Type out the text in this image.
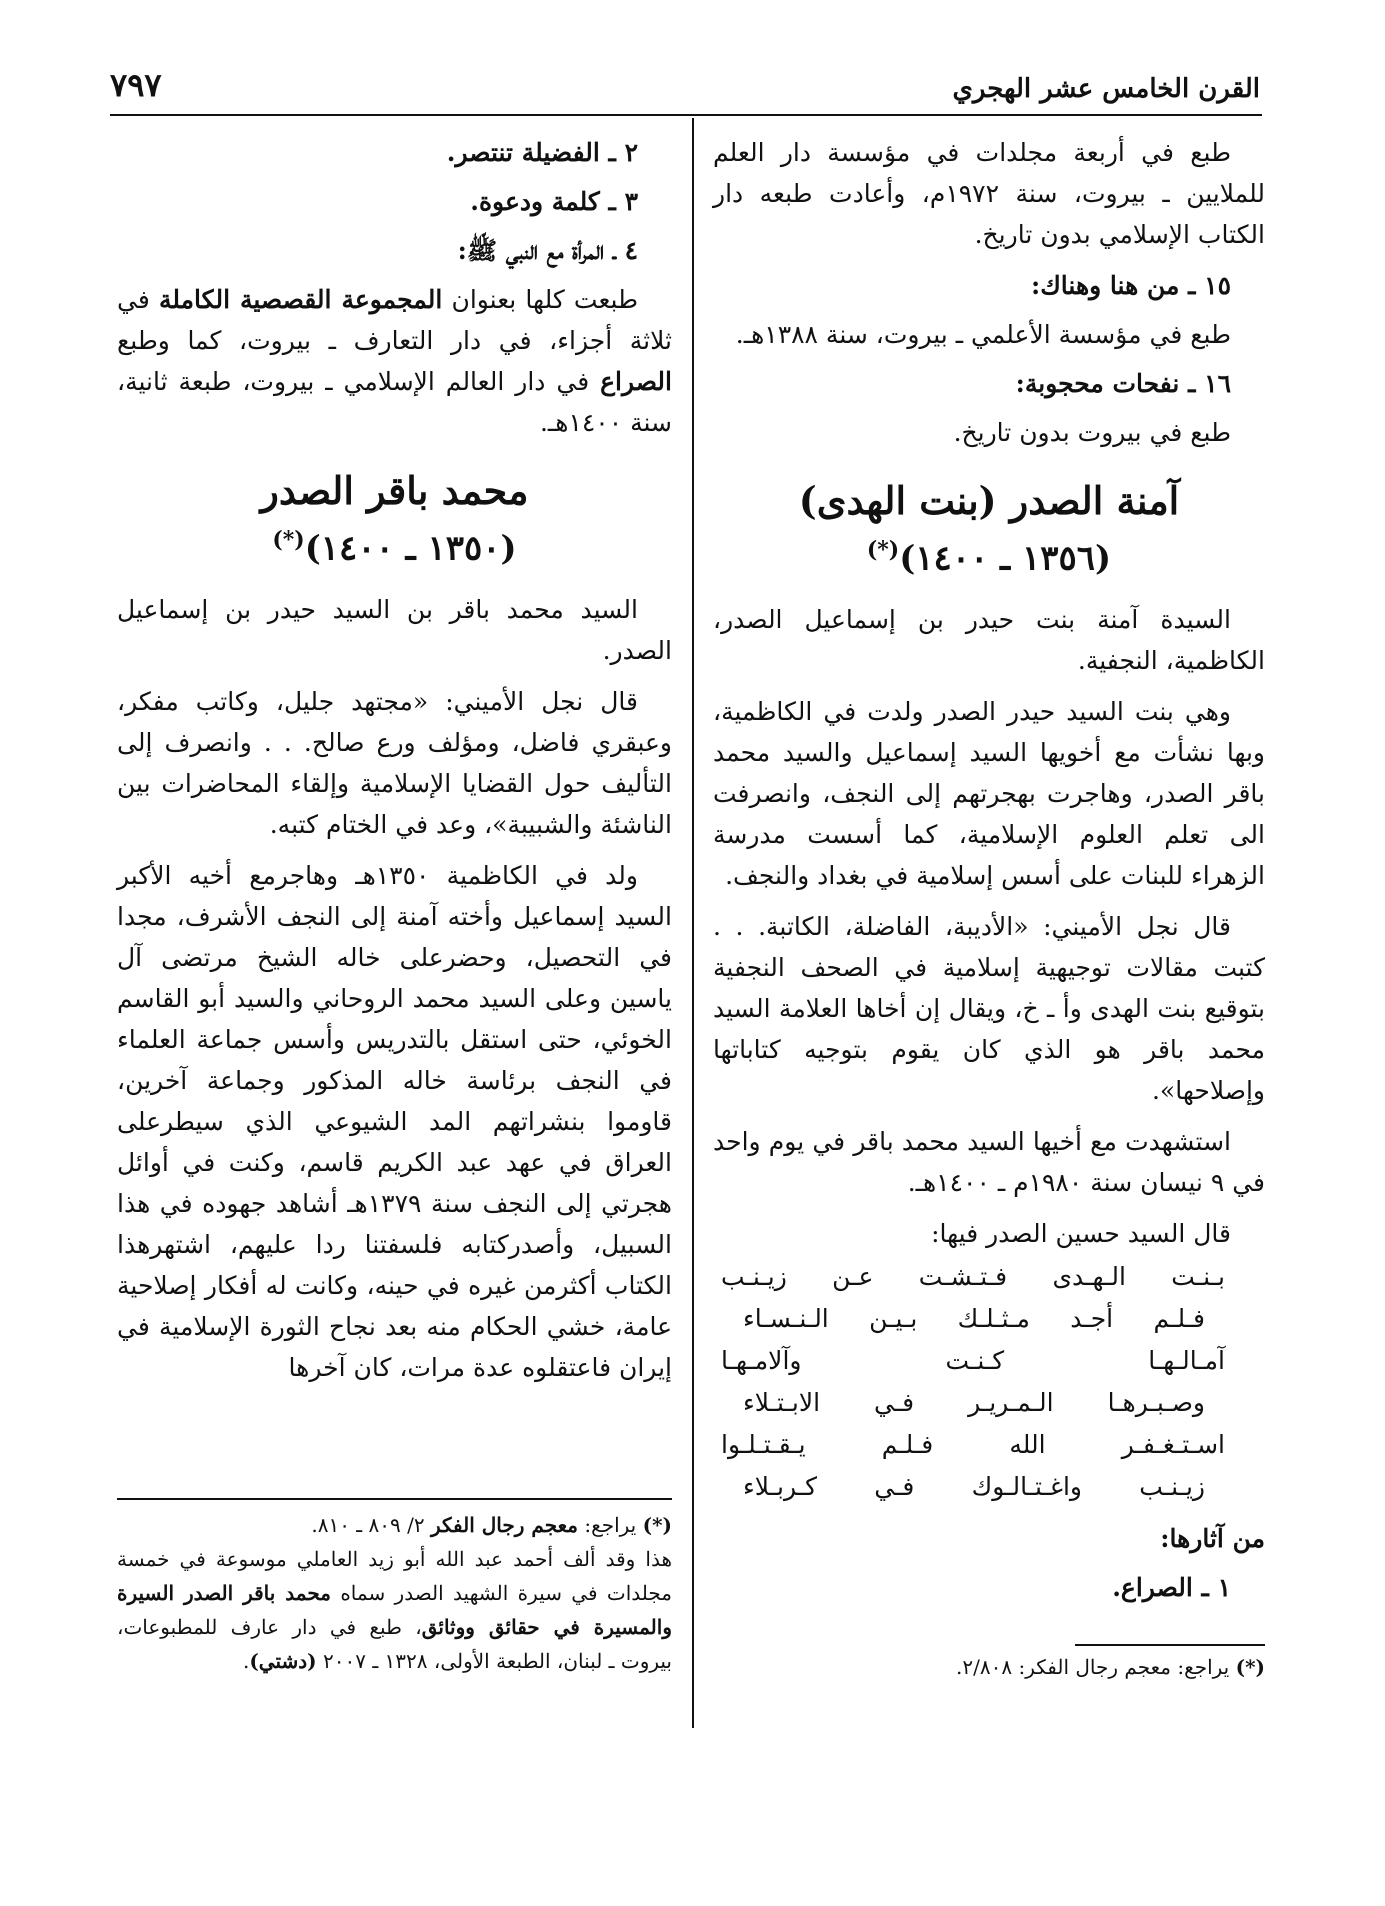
القرن الخامس عشر الهجري
٧٩٧

طبع في أربعة مجلدات في مؤسسة دار العلم للملايين ـ بيروت، سنة ١٩٧٢م، وأعادت طبعه دار الكتاب الإسلامي بدون تاريخ.

١٥ ـ من هنا وهناك:
طبع في مؤسسة الأعلمي ـ بيروت، سنة ١٣٨٨هـ.
١٦ ـ نفحات محجوبة:
طبع في بيروت بدون تاريخ.
آمنة الصدر (بنت الهدى)
(١٣٥٦ ـ ١٤٠٠)(*)

السيدة آمنة بنت حيدر بن إسماعيل الصدر، الكاظمية، النجفية.

وهي بنت السيد حيدر الصدر ولدت في الكاظمية، وبها نشأت مع أخويها السيد إسماعيل والسيد محمد باقر الصدر، وهاجرت بهجرتهم إلى النجف، وانصرفت الى تعلم العلوم الإسلامية، كما أسست مدرسة الزهراء للبنات على أسس إسلامية في بغداد والنجف.

قال نجل الأميني: «الأديبة، الفاضلة، الكاتبة. . . كتبت مقالات توجيهية إسلامية في الصحف النجفية بتوقيع بنت الهدى وأ ـ خ، ويقال إن أخاها العلامة السيد محمد باقر هو الذي كان يقوم بتوجيه كتاباتها وإصلاحها».

استشهدت مع أخيها السيد محمد باقر في يوم واحد في ٩ نيسان سنة ١٩٨٠م ـ ١٤٠٠هـ.

قال السيد حسين الصدر فيها:

بـنـت الـهـدى فـتـشـت عـن زيـنـب
فـلـم أجـد مـثـلـك بـيـن الـنـسـاء
آمـالـهـا كـنـت وآلامـهـا
وصـبـرهـا الـمـريـر فـي الابـتـلاء
اسـتـغـفـر الله فـلـم يـقـتـلـوا
زيـنـب واغـتـالـوك فـي كـربـلاء
من آثارها:
١ ـ الصراع.
(*) يراجع: معجم رجال الفكر: ٢/٨٠٨.
٢ ـ الفضيلة تنتصر.
٣ ـ كلمة ودعوة.
٤ ـ المرأة مع النبي ﷺ:

طبعت كلها بعنوان المجموعة القصصية الكاملة في ثلاثة أجزاء، في دار التعارف ـ بيروت، كما وطبع الصراع في دار العالم الإسلامي ـ بيروت، طبعة ثانية، سنة ١٤٠٠هـ.

محمد باقر الصدر
(١٣٥٠ ـ ١٤٠٠)(*)

السيد محمد باقر بن السيد حيدر بن إسماعيل الصدر.

قال نجل الأميني: «مجتهد جليل، وكاتب مفكر، وعبقري فاضل، ومؤلف ورع صالح. . . وانصرف إلى التأليف حول القضايا الإسلامية وإلقاء المحاضرات بين الناشئة والشبيبة»، وعد في الختام كتبه.

ولد في الكاظمية ١٣٥٠هـ وهاجرمع أخيه الأكبر السيد إسماعيل وأخته آمنة إلى النجف الأشرف، مجدا في التحصيل، وحضرعلى خاله الشيخ مرتضى آل ياسين وعلى السيد محمد الروحاني والسيد أبو القاسم الخوئي، حتى استقل بالتدريس وأسس جماعة العلماء في النجف برئاسة خاله المذكور وجماعة آخرين، قاوموا بنشراتهم المد الشيوعي الذي سيطرعلى العراق في عهد عبد الكريم قاسم، وكنت في أوائل هجرتي إلى النجف سنة ١٣٧٩هـ أشاهد جهوده في هذا السبيل، وأصدركتابه فلسفتنا ردا عليهم، اشتهرهذا الكتاب أكثرمن غيره في حينه، وكانت له أفكار إصلاحية عامة، خشي الحكام منه بعد نجاح الثورة الإسلامية في إيران فاعتقلوه عدة مرات، كان آخرها

(*) يراجع: معجم رجال الفكر ٢/ ٨٠٩ ـ ٨١٠.
هذا وقد ألف أحمد عبد الله أبو زيد العاملي موسوعة في خمسة مجلدات في سيرة الشهيد الصدر سماه محمد باقر الصدر السيرة والمسيرة في حقائق ووثائق، طبع في دار عارف للمطبوعات، بيروت ـ لبنان، الطبعة الأولى، ١٣٢٨ ـ ٢٠٠٧ (دشتي).
